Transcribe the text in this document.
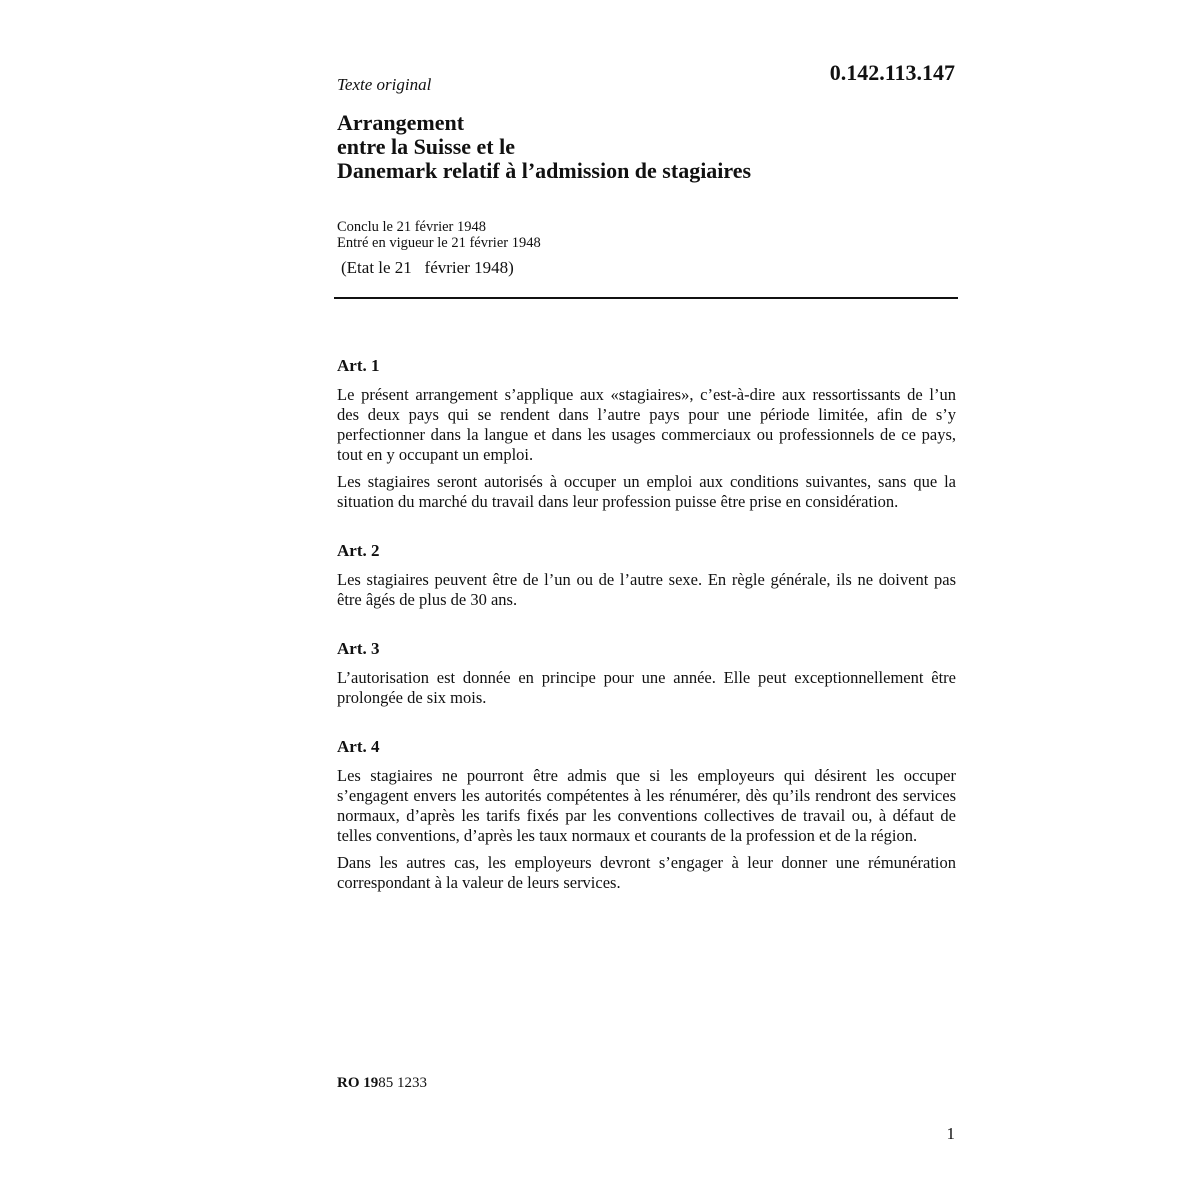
Texte original	0.142.113.147
Arrangement
entre la Suisse et le
Danemark relatif à l’admission de stagiaires
Conclu le 21 février 1948
Entré en vigueur le 21 février 1948
(Etat le 21   février 1948)
Art. 1

Le présent arrangement s’applique aux «stagiaires», c’est-à-dire aux ressortissants de l’un des deux pays qui se rendent dans l’autre pays pour une période limitée, afin de s’y perfectionner dans la langue et dans les usages commerciaux ou professionnels de ce pays, tout en y occupant un emploi.

Les stagiaires seront autorisés à occuper un emploi aux conditions suivantes, sans que la situation du marché du travail dans leur profession puisse être prise en considération.

Art. 2

Les stagiaires peuvent être de l’un ou de l’autre sexe. En règle générale, ils ne doivent pas être âgés de plus de 30 ans.

Art. 3

L’autorisation est donnée en principe pour une année. Elle peut exceptionnellement être prolongée de six mois.

Art. 4

Les stagiaires ne pourront être admis que si les employeurs qui désirent les occuper s’engagent envers les autorités compétentes à les rénumérer, dès qu’ils rendront des services normaux, d’après les tarifs fixés par les conventions collectives de travail ou, à défaut de telles conventions, d’après les taux normaux et courants de la profession et de la région.

Dans les autres cas, les employeurs devront s’engager à leur donner une rémunération correspondant à la valeur de leurs services.

RO 1985 1233
1
